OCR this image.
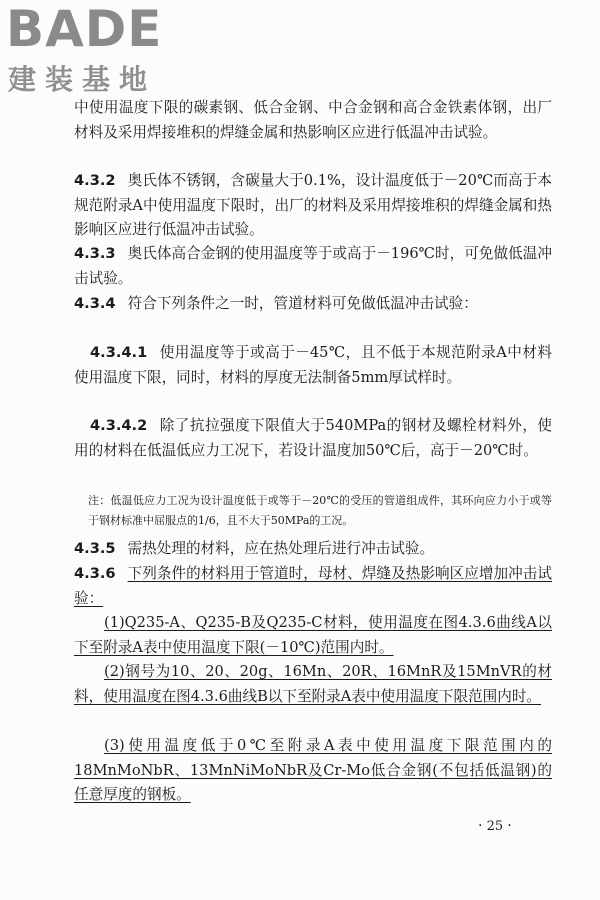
BADE
建装基地
中使用温度下限的碳素钢、低合金钢、中合金钢和高合金铁素体钢，出厂材料及采用焊接堆积的焊缝金属和热影响区应进行低温冲击试验。
4.3.2 奥氏体不锈钢，含碳量大于0.1%，设计温度低于－20℃而高于本规范附录A中使用温度下限时，出厂的材料及采用焊接堆积的焊缝金属和热影响区应进行低温冲击试验。
4.3.3 奥氏体高合金钢的使用温度等于或高于－196℃时，可免做低温冲击试验。
4.3.4 符合下列条件之一时，管道材料可免做低温冲击试验：
4.3.4.1 使用温度等于或高于－45℃，且不低于本规范附录A中材料使用温度下限，同时，材料的厚度无法制备5mm厚试样时。
4.3.4.2 除了抗拉强度下限值大于540MPa的钢材及螺栓材料外，使用的材料在低温低应力工况下，若设计温度加50℃后，高于－20℃时。
注：低温低应力工况为设计温度低于或等于－20℃的受压的管道组成件，其环向应力小于或等于钢材标准中屈服点的1/6，且不大于50MPa的工况。
4.3.5 需热处理的材料，应在热处理后进行冲击试验。
4.3.6 下列条件的材料用于管道时，母材、焊缝及热影响区应增加冲击试验：
(1)Q235-A、Q235-B及Q235-C材料，使用温度在图4.3.6曲线A以下至附录A表中使用温度下限(－10℃)范围内时。
(2)钢号为10、20、20g、16Mn、20R、16MnR及15MnVR的材料，使用温度在图4.3.6曲线B以下至附录A表中使用温度下限范围内时。
(3)使用温度低于0℃至附录A表中使用温度下限范围内的18MnMoNbR、13MnNiMoNbR及Cr-Mo低合金钢(不包括低温钢)的任意厚度的钢板。
· 25 ·
